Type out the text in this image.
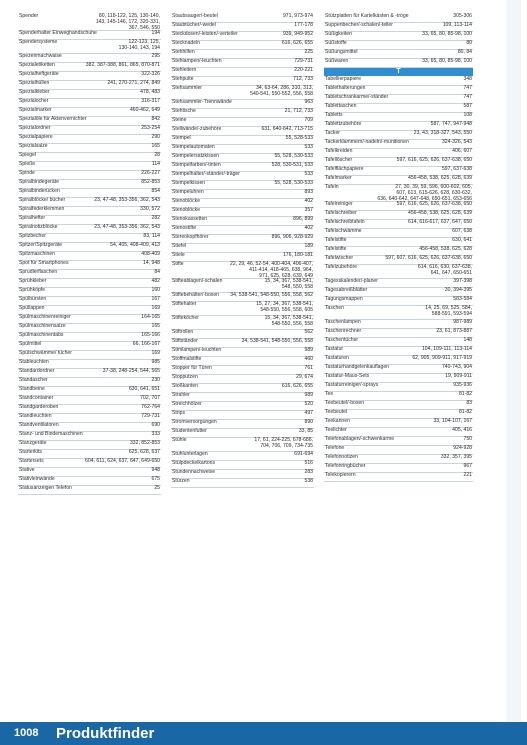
Spender	80, 118-122, 125, 130-140,
143, 145-146, 172, 320-331,
367, 546, 550
Spenderhalter Einweghandschuhe	194
Spendersysteme	122-123, 125,
130-140, 143, 194
Spezenmachwaise	295
Spezialetiketten	382, 387-388, 861, 865, 870-871
Spezialheftgeräte	322-326
Spezialhüllen	241, 270-271, 274, 849
Spezialkleber	478, 483
Spezialocher	316-317
Spezialmarker	460-462, 649
Spezialöle für Aktenvernichter	842
Spezialordner	253-254
Spezialpapiere	290
Spezialsalze	165
Spiegel	28
Spieße	114
Spinde	226-227
Spiralbindegeräte	852-853
Spiralbinderücken	854
Spiralblöcke/ bücher	23, 47-48, 353-356, 362, 543
Spiralfederklemmen	330, 572
Spiralhefter	282
Spiralnotizblöcke	23, 47-48, 353-356, 362, 543
Spitzbecher	83, 114
Spitzer/Spitzgeräte	54, 405, 408-409, 413
Spitzmaschinen	408-409
Spot für Smartphones	14, 948
Sprudlerflaschen	84
Sprühkleber	482
Sprühköpfe	160
Spülbürsten	167
Spüllappen	169
Spülmaschinenreiniger	164-165
Spülmaschinensalze	165
Spülmaschinentabs	165-166
Spülmittel	66, 166-167
Spülschwämme/ tücher	169
Stableuchten	985
Standardordner	37-38, 248-254, 544, 565
Standascher	230
Standbeine	630, 641, 651
Standcontainer	702, 707
Standgarderoben	762-764
Standleuchten	729-731
Standventilatoren	690
Stanz- und Bindemaschinen	333
Stanzgeräte	332, 852-853
Starterkits	625, 628, 637
Startersets	604, 611, 624, 637, 647, 649-650
Stative	948
Stativleinwände	675
Statusanzeigen Telefon	25
Staubsauger/-beutel	971, 973-974
Staubtücher/-wedel	177-178
Steckdosen/-leisten/-verteiler	939, 949-952
Stecknadeln	616, 626, 655
Stehhilfen	225
Stehlampen/-leuchten	729-731
Stehleitern	220-221
Stehpulte	712, 733
Stehsammler	34, 63-64, 286, 310, 313,
540-541, 550-552, 556, 558
Stehsammler-Trennwände	963
Stehtische	21, 712, 733
Steine	709
Stellwände/-zubehöre	631, 640-642, 713-715
Stempel	55, 528-533
Stempelautomaten	533
Stempelersatzkissen	55, 528, 530-533
Stempelfarben/-tinten	528, 530-531, 533
Stempelhalter/-ständer/-träger	533
Stempelkissen	55, 528, 530-533
Stempeluhren	893
Stenoblöcke	402
Stenoblöcke	357
Stenokassetten	896, 899
Stenostifte	402
Stereokopfhörer	896, 906, 928-929
Stiefel	189
Stiele	176, 180-181
Stifte	22, 29, 46, 52-54, 400-404, 406-407,
411-414, 418-465, 638, 964,
971, 625, 628, 639, 649
Stifteablagen/-schalen	15, 34, 367, 538-541,
548, 550, 558
Stiftebehälter/-boxen 34, 538-541, 548-550, 556, 558, 562
Stiftehalter	15, 27, 34, 367, 538-541,
548-550, 556, 558, 605
Stifteköcher	15, 34, 367, 538-541,
548-550, 556, 558
Stiftrollen	562
Stiftständer	34, 538-541, 548-550, 556, 558
Stimlampen/-leuchten	989
Stoffmalstifte	460
Stopper für Türen	761
Stopputzen	29, 674
Stoßkanten	616, 626, 655
Strahler	989
Streichhölzer	520
Strips	497
Stromversorgungen	890
Studentenfutter	33, 85
Stühle	17, 61, 224-225, 678-686,
704, 706, 709, 734-735
Stuhlunterlagen	691-694
Stülpdeckelkartons	516
Stundennachweise	283
Stürzen	538
Stützplatten für Kartelkästen & -tröge	305-306
Suppenbecher/-schalen/-teller	109, 113-114
Süßigkeiten	33, 65, 80, 85-98, 100
Süßstoffe	80
Süßungsmittel	80, 84
Süßwaren	33, 65, 80, 85-98, 100
T
Tabellierpapiere	348
Tablethalterungen	747
Tabletschrankarme/-ständer	747
Tablettaschen	587
Tabletts	108
Tablettzubehöre	587, 747, 947-948
Tacker	23, 43, 318-327, 543, 550
Tackerklammern/-nadeln/-munitionen	324-326, 543
Tafelkreiden	406, 607
Tafellöscher	597, 616, 625, 626, 637-638, 650
Tafelflächpapiere	597, 637-638
Tafelmarker	456-458, 538, 625, 628, 639
Tafeln	27, 30, 39, 59, 596, 600-602, 605,
607, 613, 615-626, 628, 630-632,
636, 640-642, 647-648, 650-651, 653-656
Tafelreiniger	597, 616, 625, 626, 637-638, 650
Tafelschreiber	456-458, 538, 625, 628, 639
Tafelschreibtafeln	614, 616-617, 637, 647, 650
Tafelschwämme	607, 638
Tafelstifte	630, 641
Tafelstifte	456-458, 538, 625, 628
Tafelwischer	597, 607, 616, 625, 626, 637-638, 650
Tafelzubehöre	614, 616, 630, 637-638,
641, 647, 650-651
Tagesskalender/-planer	397-398
Tagesabreißblätter	30, 394-395
Tagungsmappen	583-584
Taschen	14, 25, 69, 525, 584,
588-591, 593-594
Taschenlampen	987-989
Taschenrechner	23, 61, 873-887
Taschentücher	148
Tastatur	104, 109-111, 113-114
Tastaturen	62, 905, 909-911, 917-919
Tastaturhandgelenkauflagen	740-743, 904
Tastatur-Maus-Sets	19, 909-911
Tastaturreiniger/-sprays	935-936
Tee	81-82
Teebeutel/-boxen	83
Teebeutel	81-82
Teekannen	33, 104-107, 167
Teelichter	405, 416
Telefonablagen/-schwenkarme	750
Telefone	924-928
Telefonnotizen	332, 357, 395
Telefonringbücher	967
Telekopierern	221
1008 Produktfinder
